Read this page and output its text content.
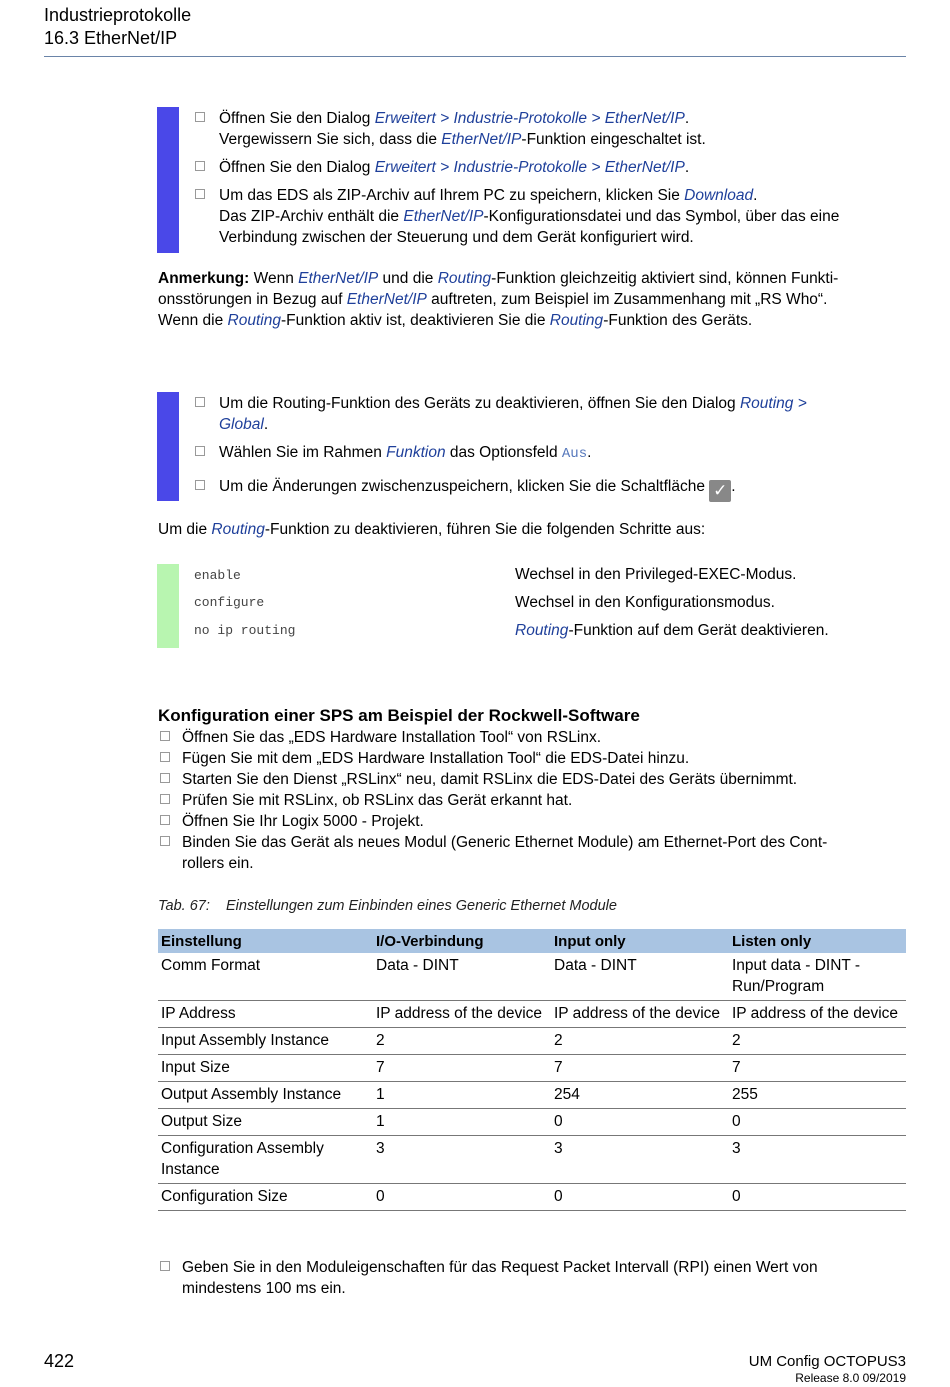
Industrieprotokolle
16.3 EtherNet/IP
Öffnen Sie den Dialog Erweitert > Industrie-Protokolle > EtherNet/IP.
Vergewissern Sie sich, dass die EtherNet/IP-Funktion eingeschaltet ist.
Öffnen Sie den Dialog Erweitert > Industrie-Protokolle > EtherNet/IP.
Um das EDS als ZIP-Archiv auf Ihrem PC zu speichern, klicken Sie Download.
Das ZIP-Archiv enthält die EtherNet/IP-Konfigurationsdatei und das Symbol, über das eine
Verbindung zwischen der Steuerung und dem Gerät konfiguriert wird.
Anmerkung: Wenn EtherNet/IP und die Routing-Funktion gleichzeitig aktiviert sind, können Funkti-
onsstörungen in Bezug auf EtherNet/IP auftreten, zum Beispiel im Zusammenhang mit „RS Who“.
Wenn die Routing-Funktion aktiv ist, deaktivieren Sie die Routing-Funktion des Geräts.
Um die Routing-Funktion des Geräts zu deaktivieren, öffnen Sie den Dialog Routing >
Global.
Wählen Sie im Rahmen Funktion das Optionsfeld Aus.
Um die Änderungen zwischenzuspeichern, klicken Sie die Schaltfläche ✓ .
Um die Routing-Funktion zu deaktivieren, führen Sie die folgenden Schritte aus:
enable	Wechsel in den Privileged-EXEC-Modus.
configure	Wechsel in den Konfigurationsmodus.
no ip routing	Routing-Funktion auf dem Gerät deaktivieren.
Konfiguration einer SPS am Beispiel der Rockwell-Software
Öffnen Sie das „EDS Hardware Installation Tool“ von RSLinx.
Fügen Sie mit dem „EDS Hardware Installation Tool“ die EDS-Datei hinzu.
Starten Sie den Dienst „RSLinx“ neu, damit RSLinx die EDS-Datei des Geräts übernimmt.
Prüfen Sie mit RSLinx, ob RSLinx das Gerät erkannt hat.
Öffnen Sie Ihr Logix 5000 - Projekt.
Binden Sie das Gerät als neues Modul (Generic Ethernet Module) am Ethernet-Port des Cont-
rollers ein.
Tab. 67: Einstellungen zum Einbinden eines Generic Ethernet Module
Einstellung	I/O-Verbindung	Input only	Listen only
Comm Format	Data - DINT	Data - DINT	Input data - DINT - Run/Program
IP Address	IP address of the device	IP address of the device	IP address of the device
Input Assembly Instance	2	2	2
Input Size	7	7	7
Output Assembly Instance	1	254	255
Output Size	1	0	0
Configuration Assembly Instance	3	3	3
Configuration Size	0	0	0
Geben Sie in den Moduleigenschaften für das Request Packet Intervall (RPI) einen Wert von
mindestens 100 ms ein.
422	UM Config OCTOPUS3
Release 8.0 09/2019
